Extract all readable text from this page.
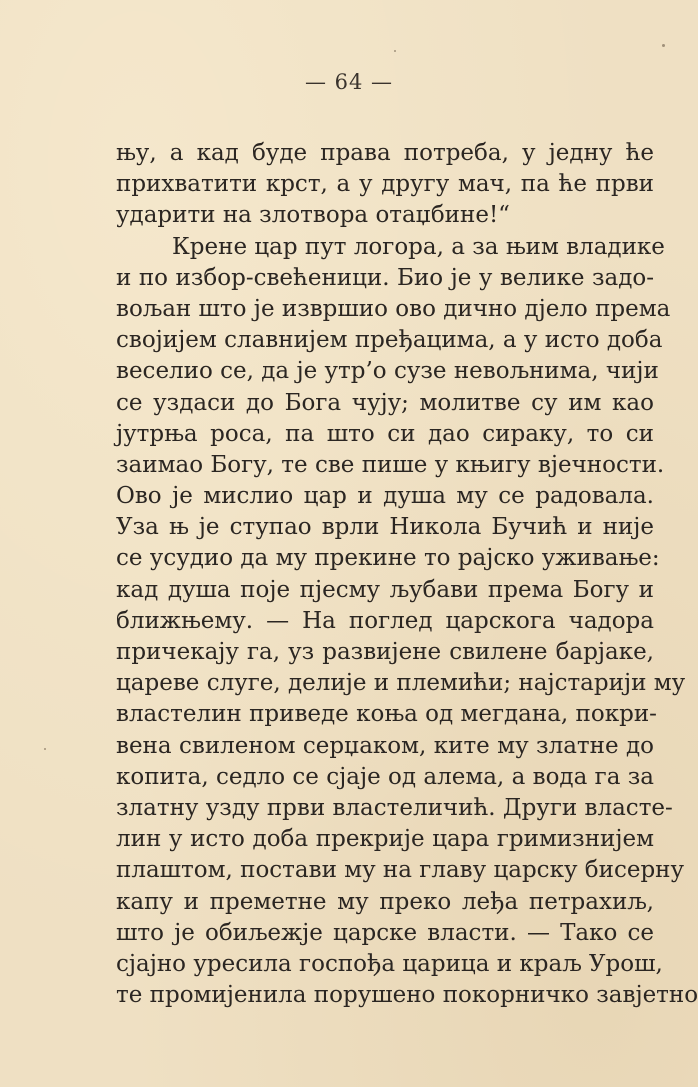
— 64 —
њу, а кад буде права потреба, у једну ће
прихватити крст, а у другу мач, па ће први
ударити на злотвора отаџбине!“
Крене цар пут логора, а за њим владике
и по избор-свећеници. Био је у велике задо-
вољан што је извршио ово дично дјело према
својијем славнијем пређацима, а у исто доба
веселио се, да је утр’о сузе невољнима, чији
се уздаси до Бога чују; молитве су им као
јутрња роса, па што си дао сираку, то си
заимао Богу, те све пише у књигу вјечности.
Ово је мислио цар и душа му се радовала.
Уза њ је ступао врли Никола Бучић и није
се усудио да му прекине то рајско уживање:
кад душа поје пјесму љубави према Богу и
ближњему. — На поглед царскога чадора
причекају га, уз развијене свилене барјаке,
цареве слуге, делије и племићи; најстарији му
властелин приведе коња од мегдана, покри-
вена свиленом серџаком, ките му златне до
копита, седло се сјаје од алема, а вода га за
златну узду први властеличић. Други власте-
лин у исто доба прекрије цара гримизнијем
плаштом, постави му на главу царску бисерну
капу и преметне му преко леђа петрахиљ,
што је обиљежје царске власти. — Тако се
сјајно уресила госпођа царица и краљ Урош,
те промијенила порушено покорничко завјетно
